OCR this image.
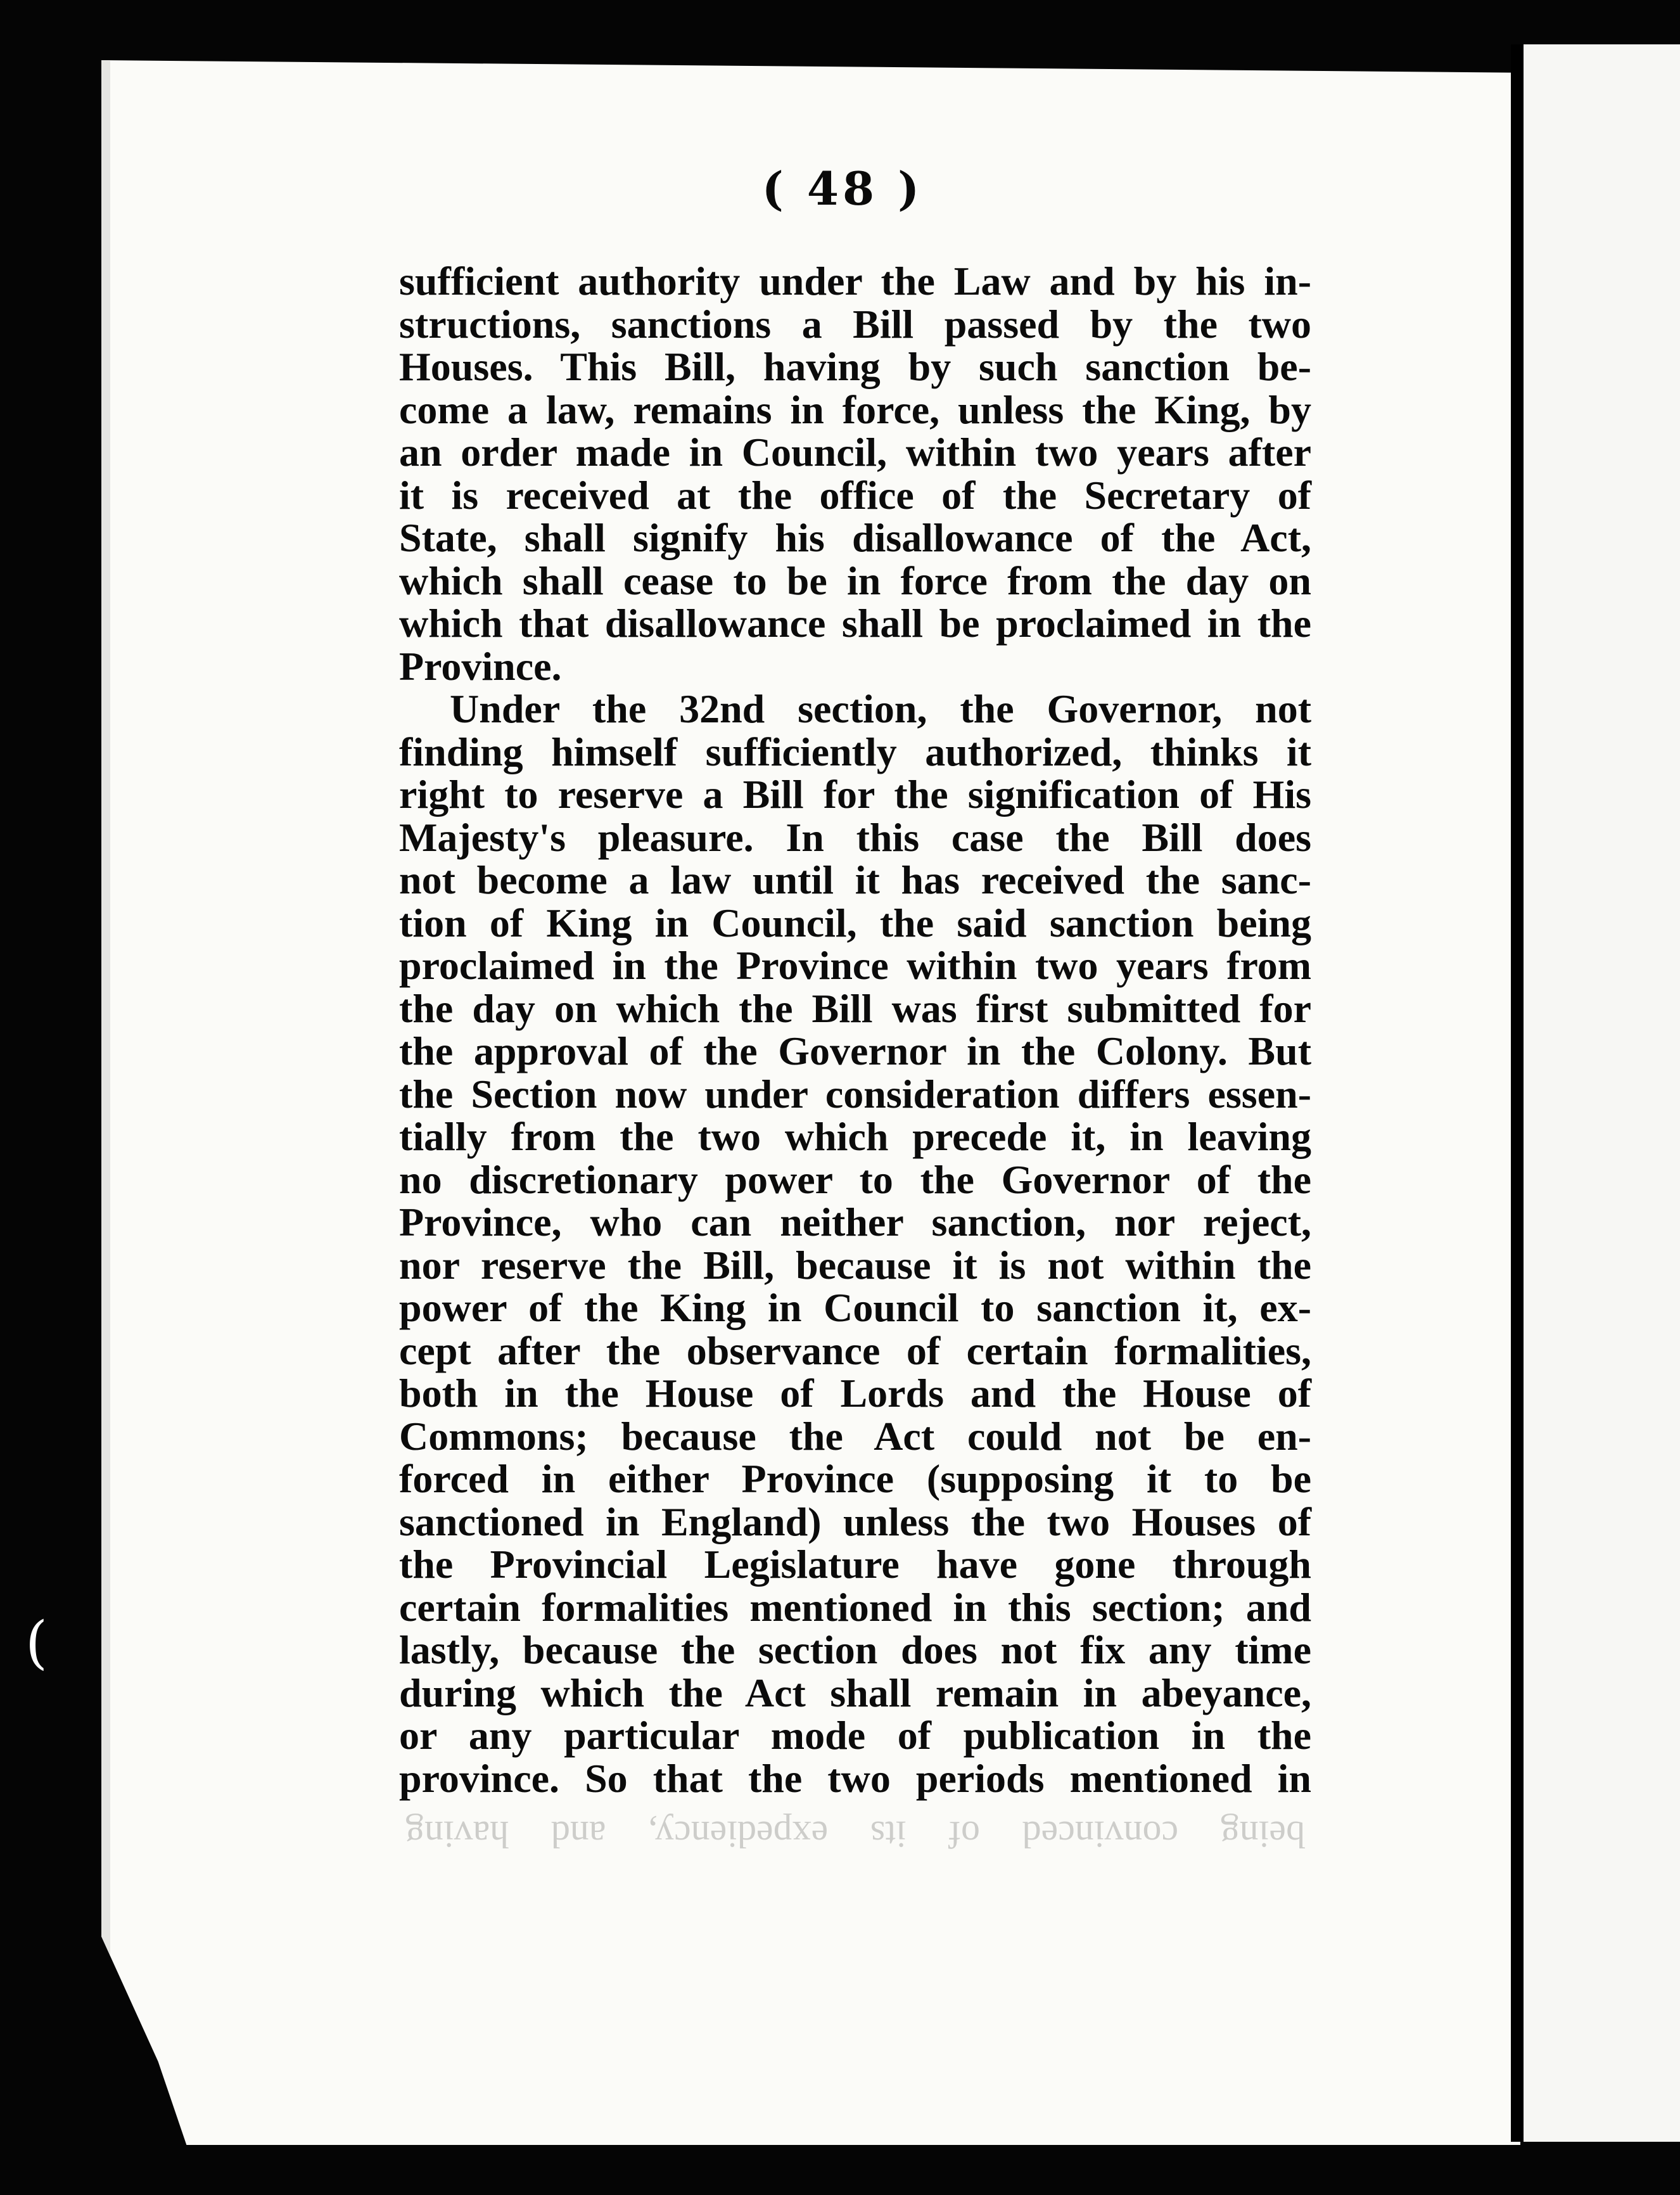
( 48 )
sufficient authority under the Law and by his in-
structions, sanctions a Bill passed by the two
Houses. This Bill, having by such sanction be-
come a law, remains in force, unless the King, by
an order made in Council, within two years after
it is received at the office of the Secretary of
State, shall signify his disallowance of the Act,
which shall cease to be in force from the day on
which that disallowance shall be proclaimed in the
Province.
Under the 32nd section, the Governor, not
finding himself sufficiently authorized, thinks it
right to reserve a Bill for the signification of His
Majesty's pleasure. In this case the Bill does
not become a law until it has received the sanc-
tion of King in Council, the said sanction being
proclaimed in the Province within two years from
the day on which the Bill was first submitted for
the approval of the Governor in the Colony. But
the Section now under consideration differs essen-
tially from the two which precede it, in leaving
no discretionary power to the Governor of the
Province, who can neither sanction, nor reject,
nor reserve the Bill, because it is not within the
power of the King in Council to sanction it, ex-
cept after the observance of certain formalities,
both in the House of Lords and the House of
Commons; because the Act could not be en-
forced in either Province (supposing it to be
sanctioned in England) unless the two Houses of
the Provincial Legislature have gone through
certain formalities mentioned in this section; and
lastly, because the section does not fix any time
during which the Act shall remain in abeyance,
or any particular mode of publication in the
province. So that the two periods mentioned in
being convinced of its expediency, and having
(
